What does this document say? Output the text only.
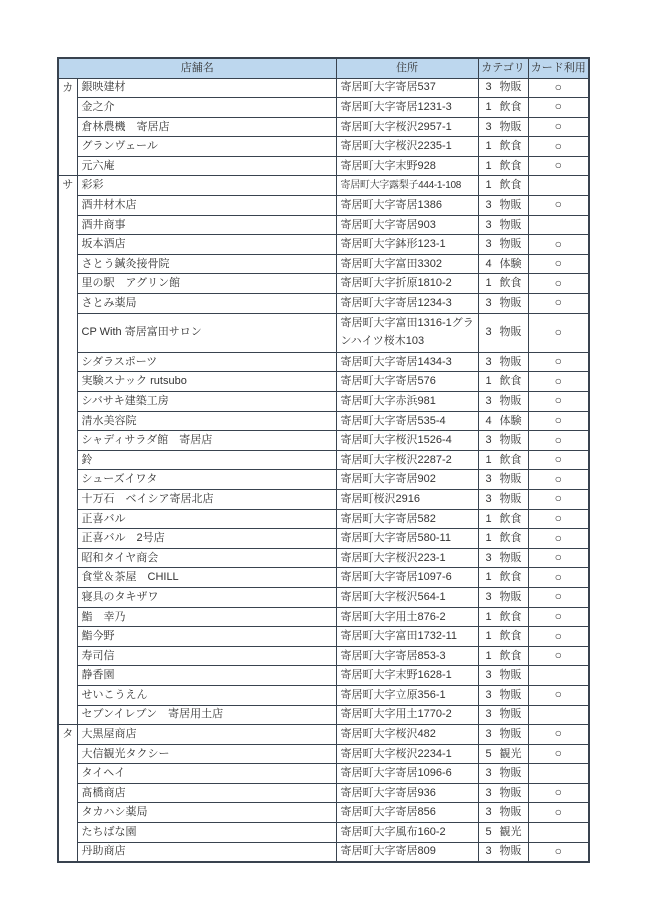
店舗名		住所	カテゴリ	カード利用
カ	銀映建材	寄居町大字寄居537	3 物販	○
	金之介	寄居町大字寄居1231-3	1 飲食	○
	倉林農機　寄居店	寄居町大字桜沢2957-1	3 物販	○
	グランヴェール	寄居町大字桜沢2235-1	1 飲食	○
	元六庵	寄居町大字末野928	1 飲食	○
サ	彩彩	寄居町大字露梨子444-1-108	1 飲食	

	酒井材木店	寄居町大字寄居1386	3 物販	○
	酒井商事	寄居町大字寄居903	3 物販	

	坂本酒店	寄居町大字鉢形123-1	3 物販	○
	さとう鍼灸接骨院	寄居町大字富田3302	4 体験	○
	里の駅　アグリン館	寄居町大字折原1810-2	1 飲食	○
	さとみ薬局	寄居町大字寄居1234-3	3 物販	○
	CP With 寄居富田サロン	寄居町大字富田1316-1グランハイツ桜木103	3 物販	○
	シダラスポーツ	寄居町大字寄居1434-3	3 物販	○
	実験スナック rutsubo	寄居町大字寄居576	1 飲食	○
	シバサキ建築工房	寄居町大字赤浜981	3 物販	○
	清水美容院	寄居町大字寄居535-4	4 体験	○
	シャディサラダ館　寄居店	寄居町大字桜沢1526-4	3 物販	○
	鈴	寄居町大字桜沢2287-2	1 飲食	○
	シューズイワタ	寄居町大字寄居902	3 物販	○
	十万石　ベイシア寄居北店	寄居町桜沢2916	3 物販	○
	正喜バル	寄居町大字寄居582	1 飲食	○
	正喜バル　2号店	寄居町大字寄居580-11	1 飲食	○
	昭和タイヤ商会	寄居町大字桜沢223-1	3 物販	○
	食堂＆茶屋　CHILL	寄居町大字寄居1097-6	1 飲食	○
	寝具のタキザワ	寄居町大字桜沢564-1	3 物販	○
	鮨　幸乃	寄居町大字用土876-2	1 飲食	○
	鮨今野	寄居町大字富田1732-11	1 飲食	○
	寿司信	寄居町大字寄居853-3	1 飲食	○
	静香園	寄居町大字末野1628-1	3 物販	

	せいこうえん	寄居町大字立原356-1	3 物販	○
	セブンイレブン　寄居用土店	寄居町大字用土1770-2	3 物販	

タ	大黒屋商店	寄居町大字桜沢482	3 物販	○
	大信観光タクシー	寄居町大字桜沢2234-1	5 観光	○
	タイヘイ	寄居町大字寄居1096-6	3 物販	

	髙橋商店	寄居町大字寄居936	3 物販	○
	タカハシ薬局	寄居町大字寄居856	3 物販	○
	たちばな園	寄居町大字風布160-2	5 観光	

	丹助商店	寄居町大字寄居809	3 物販	○
